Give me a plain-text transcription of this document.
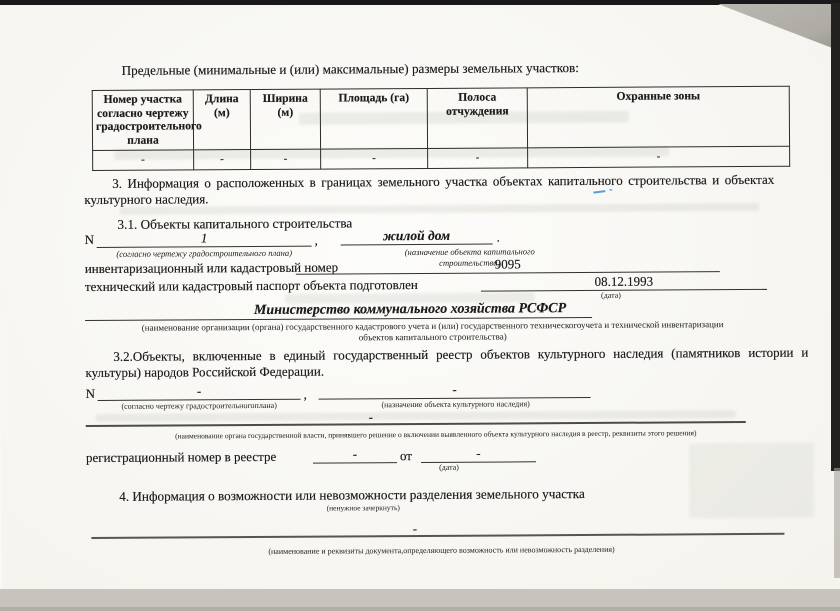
Предельные (минимальные и (или) максимальные) размеры земельных участков:
Номер участка согласно чертежу градостроительного плана	Длина (м)	Ширина (м)	Площадь (га)	Полоса отчуждения	Охранные зоны
-	-	-	-	-	-
3. Информация о расположенных в границах земельного участка объектах капитального строительства и объектах культурного наследия.
3.1. Объекты капитального строительства
N	1	,	жилой дом	.
(согласно чертежу градостроительного плана)	(назначение объекта капитального строительства)
инвентаризационный или кадастровый номер	9095
технический или кадастровый паспорт объекта подготовлен	08.12.1993
(дата)
Министерство коммунального хозяйства РСФСР
(наименование организации (органа) государственного кадастрового учета и (или) государственного техническогоучета и технической инвентаризации
объектов капитального строительства)
3.2.Объекты, включенные в единый государственный реестр объектов культурного наследия (памятников истории и культуры) народов Российской Федерации.
N	-	,	-
(согласно чертежу градостроительногоплана)	(назначение объекта культурного наследия)
-
(наименование органа государственной власти, принявшего решение о включении выявленного объекта культурного наследия в реестр, реквизиты этого решения)
регистрационный номер в реестре	-	от	-
(дата)
4. Информация о возможности или невозможности разделения земельного участка
(ненужное зачеркнуть)
-
(наименование и реквизиты документа,определяющего возможность или невозможность разделения)
